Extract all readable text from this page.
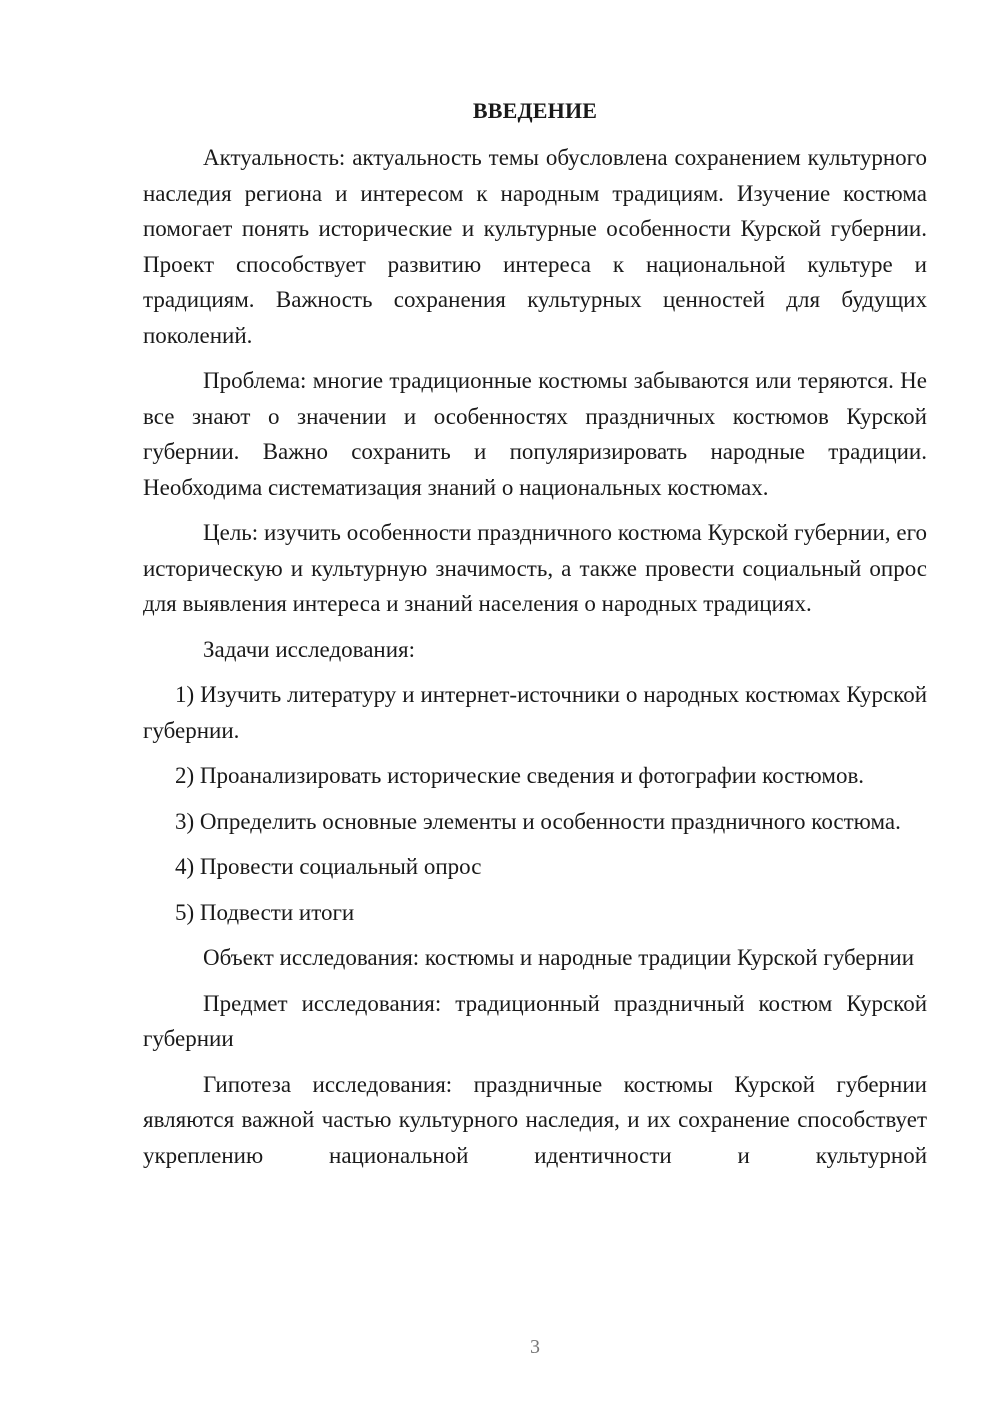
ВВЕДЕНИЕ

Актуальность: актуальность темы обусловлена сохранением культурного наследия региона и интересом к народным традициям. Изучение костюма помогает понять исторические и культурные особенности Курской губернии. Проект способствует развитию интереса к национальной культуре и традициям. Важность сохранения культурных ценностей для будущих поколений.

Проблема: многие традиционные костюмы забываются или теряются. Не все знают о значении и особенностях праздничных костюмов Курской губернии. Важно сохранить и популяризировать народные традиции. Необходима систематизация знаний о национальных костюмах.

Цель: изучить особенности праздничного костюма Курской губернии, его историческую и культурную значимость, а также провести социальный опрос для выявления интереса и знаний населения о народных традициях.

Задачи исследования:

1) Изучить литературу и интернет-источники о народных костюмах Курской губернии.

2) Проанализировать исторические сведения и фотографии костюмов.

3) Определить основные элементы и особенности праздничного костюма.

4) Провести социальный опрос

5) Подвести итоги

Объект исследования: костюмы и народные традиции Курской губернии

Предмет исследования: традиционный праздничный костюм Курской губернии

Гипотеза исследования: праздничные костюмы Курской губернии являются важной частью культурного наследия, и их сохранение способствует укреплению национальной идентичности и культурной

3
